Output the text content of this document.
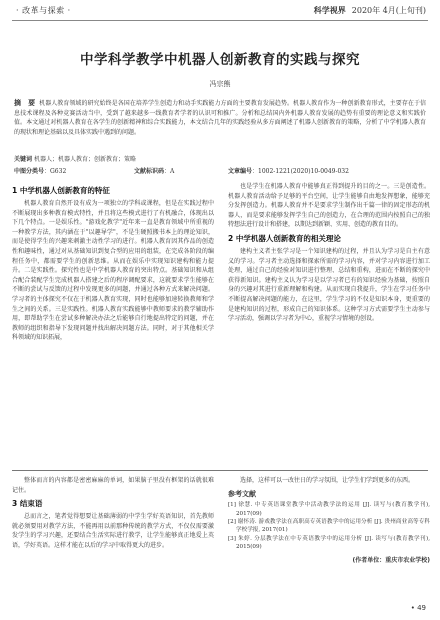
· 改革与探索 ·	科学视界 2020年 4月(上旬刊)
中学科学教学中机器人创新教育的实践与探究
冯宗熊
摘　要 机器人教育领域的研究始终是各国在培养学生创造力和动手实践能力方面的主要教育发展趋势。机器人教育作为一种创新教育形式，主要存在于信息技术课程及各种竞赛活动当中，受到了越来越多一线教育者学者的认识可和推广。分析和总结国内外机器人教育发展的趋势有重要的理论意义和实践价值。本文通过对机器人教育在各学生的创新精神和综合实践能力，本文结合几年的实践经验从多方面阐述了机器人创新教育的策略，分析了中学机器人教育的现状和理论基础以及具体实践中遇到的问题。
关键词 机器人；机器人教育；创新教育；策略
中图分类号 ：G632	文献标识码 ：A	文章编号 ：1002-1221(2020)10-0049-032
1 中学机器人创新教育的特征

机器人教育自然开设有成为一项独立的学科或课程，但是在实践过程中不断展现出多种教育模式特性，并且将这些模式进行了有机融合，体现出以下几个特点。一是娱乐性。"游戏化教学"近年来一直是教育领域中所重视的一种教学方法，其内涵在于"以趣导学"，不是生硬照搬书本上的理论知识，而是使得学生的兴趣来刺激主动性学习的进行。机器人教育因其作品的创造性和趣味性，通过对从基础知识到复合型的应用的组装，在完成各阶段的编程任务中，都需要学生的创新思维。从而在娱乐中实现知识建构和能力提升。二是实践性。探究性也是中学机器人教育的突出特点。基础知识和从组合配合装配学生完成机器人搭建之后的程序调配要求，这就要求学生能够在不断的尝试与反馈的过程中发现更多的问题，并通过各种方式来解决问题。学习者的主体探究不仅在于机器人教育实现，同时也能够加速转换教师和学生之间的关系。三是实践性。机器人教育实践能够中教师要求的教学辅助作用，即帮助学生在尝试多种解决办法之后能够自行地提出特定的问题，并在教师的组织和指导下发现问题并找出解决问题方法。同时，对于其他相关学科领域的知识拓展，

也是学生在机器人教育中能够真正得到提升的目的之一。三是创造性。机器人教育活动给予足够的平台空间，让学生能够自由地发挥想象，能够充分发挥创造力。机器人教育并不是要求学生制作出千篇一律的固定形态的机器人，而是要求能够发挥学生自己的创造力，在合理的范围内按照自己的独特想法进行设计和搭建，以期达到新颖、实用、创造的教育目的。

2 中学机器人创新教育的相关理论

建构主义者主张学习是一个知识建构的过程，并且认为学习是自主有意义的学习。学习者主动选择和探索所需的学习内容，并对学习内容进行加工处理，通过自己的经验对知识进行整理、总结和重构，进而在不断的探究中获得新知识。建构主义认为学习是以学习者已有的知识经验为基础，按照自身的兴趣对其进行重新理解和构建。从而实现自我提升，学生在学习任务中不断提高解决问题的能力，在这里，学生学习的不仅是知识本身，更重要的是建构知识的过程，形成自己的知识体系。这种学习方式需要学生主动参与学习活动，强调以学习者为中心，重视学习情境的创设。

整体而言的内容都是密密麻麻的单词，如果脑子里没有框架的话就很难记住。

3 结束语

总而言之，笔者觉得想要让基础薄弱的中学生学好英语知识，首先教师就必须要用对教学方法，不能再用以前那种传统的教学方式，不仅仅需要激发学生的学习兴趣，还要结合生活实际进行教学，让学生能够真正地爱上英语，学好英语。这样才能在以后的学习中取得更大的进步。

选择，这样可以一改往日的学习氛围，让学生们学到更多的东西。

参考文献
[1] 徐慧. 中专英语课堂教学中活动教学法的运用 [J]. 读写与(教育教学刊), 2017(09)
[2] 谢怀涛. 游戏教学法在高职高专英语教学中的运用分析 [J]. 贵州商业高等专科学校学报, 2017(01)
[3] 朱婷. 分层教学法在中专英语教学中的运用分析 [J]. 读写与(教育教学刊), 2015(09)
(作者单位：重庆市农业学校)
• 49
